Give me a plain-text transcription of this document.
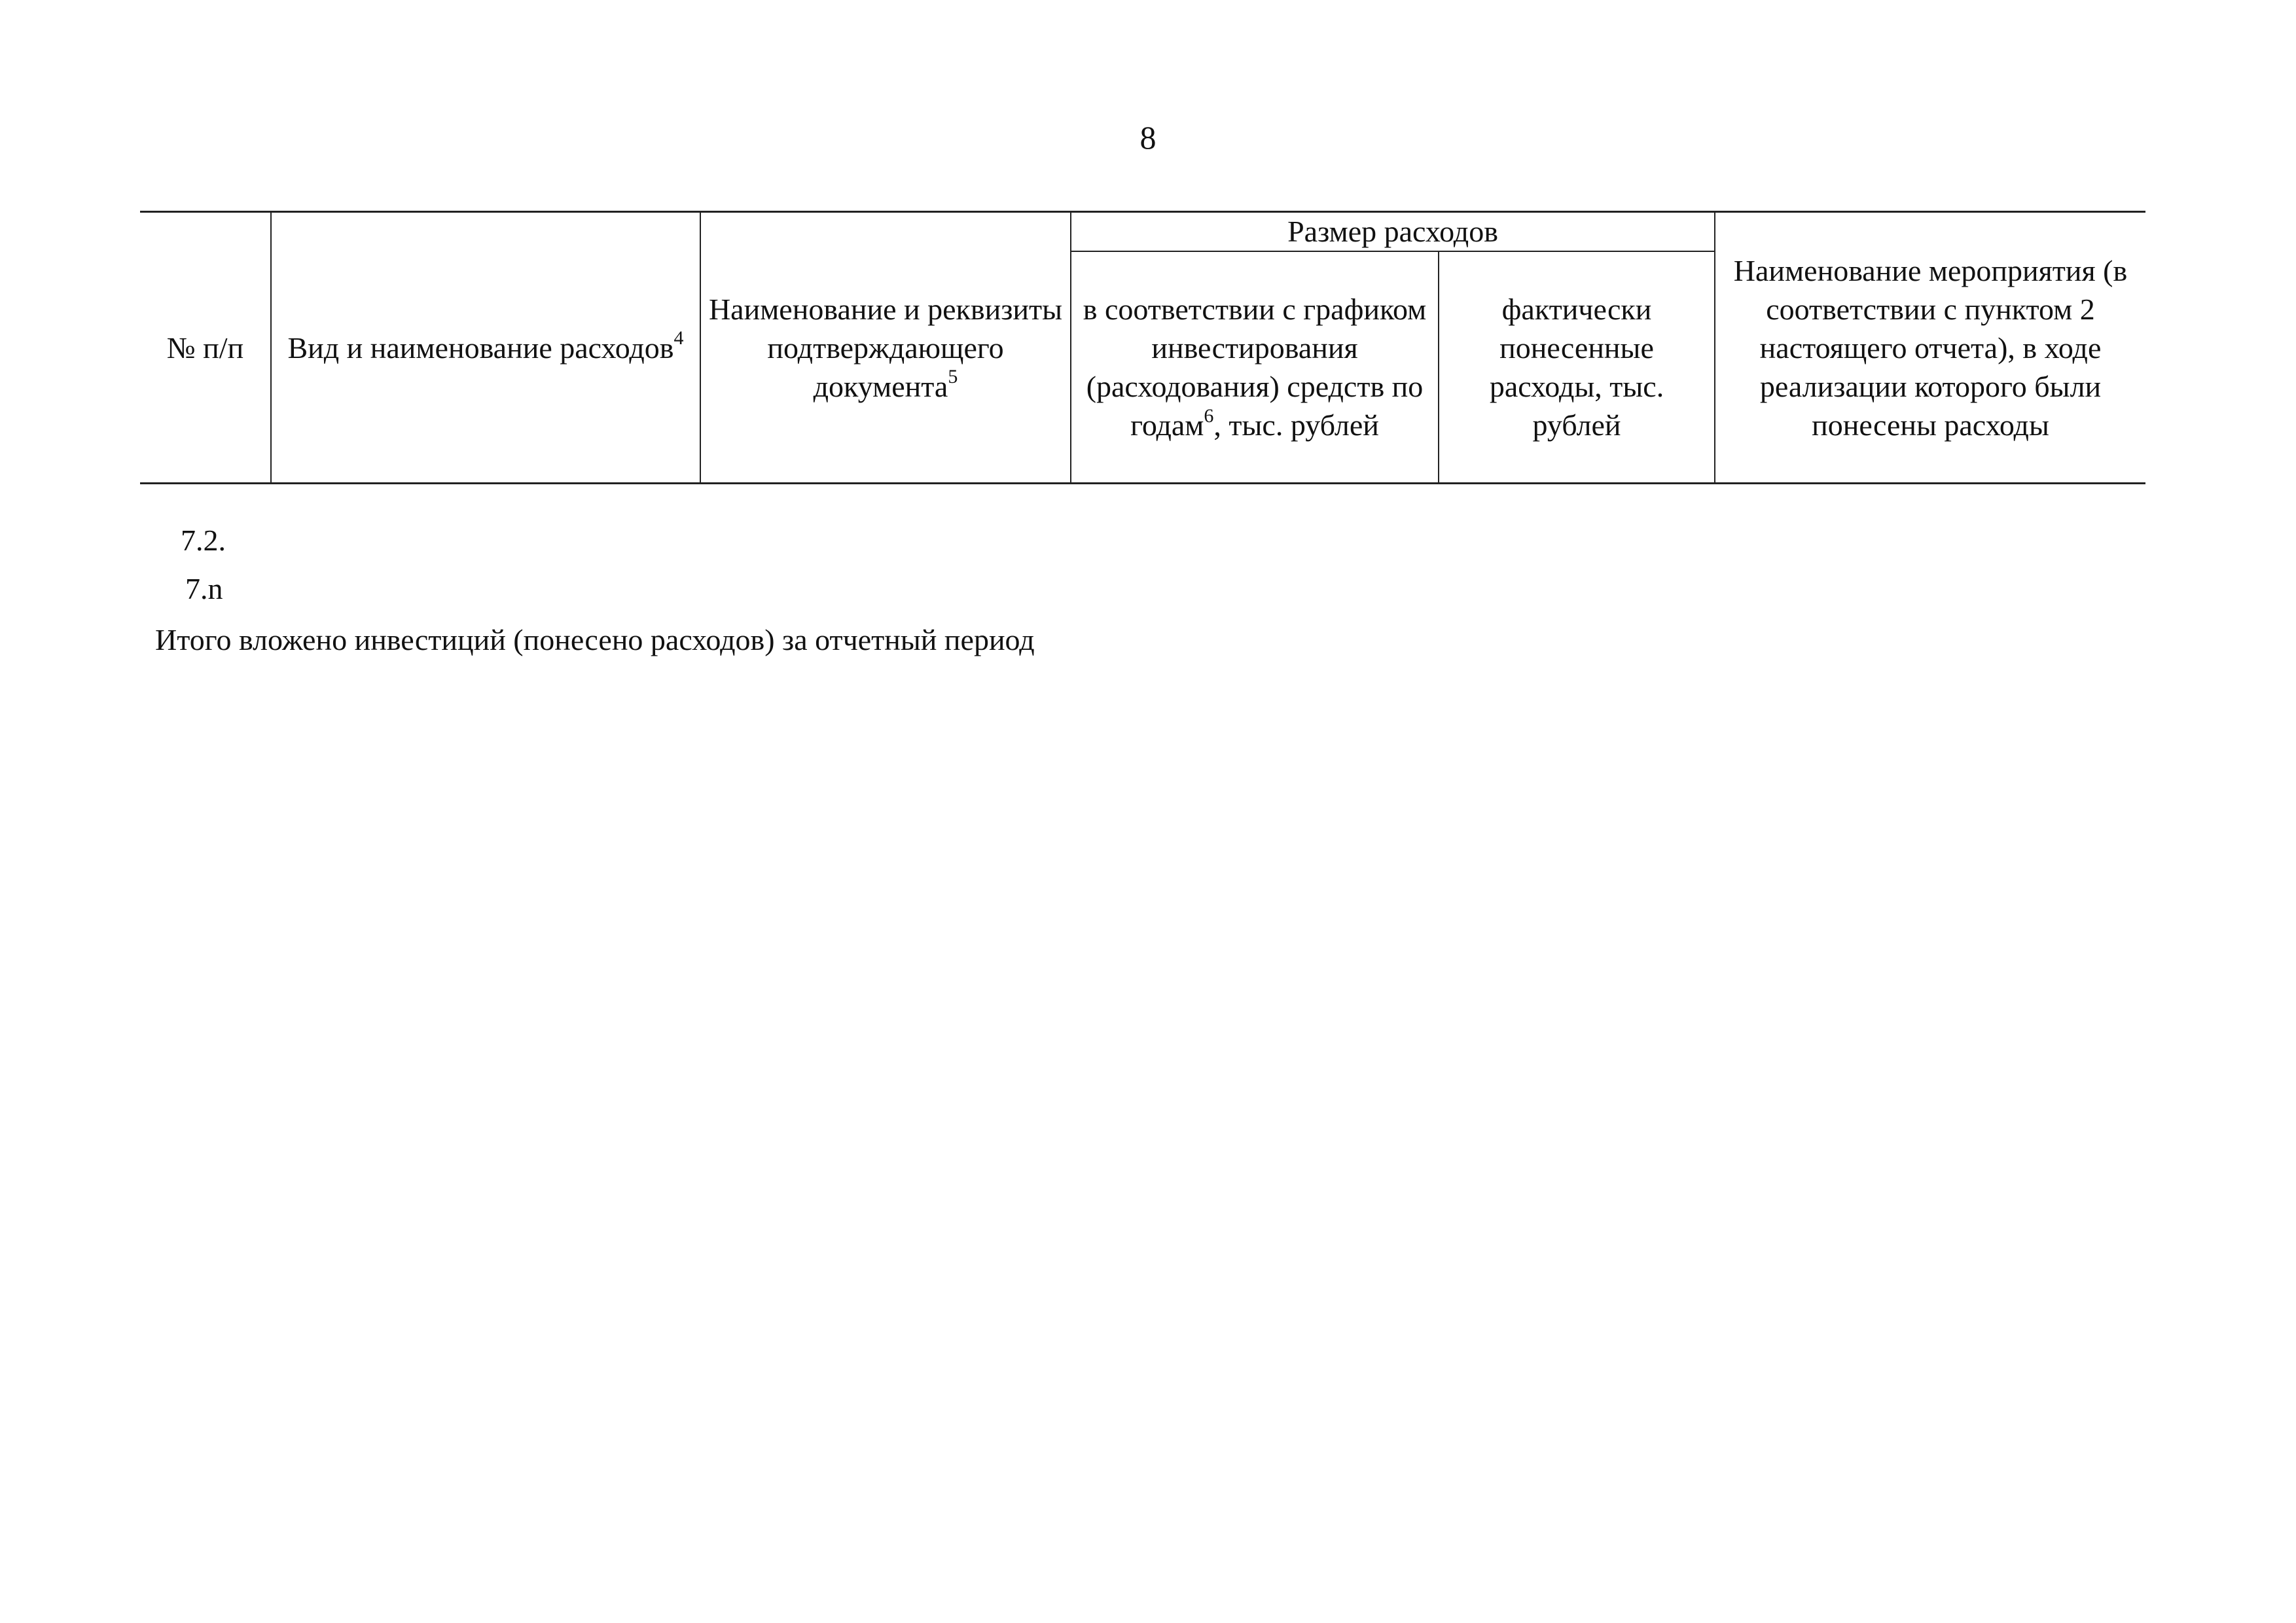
8
№ п/п	Вид и наименование расходов$^4$	Наименование и реквизиты подтверждающего документа$^5$	Размер расходов		Наименование мероприятия (в соответствии с пунктом 2 настоящего отчета), в ходе реализации которого были понесены расходы
			в соответствии с графиком инвестирования (расходования) средств по годам$^6$, тыс. рублей	фактически понесенные расходы, тыс. рублей	
7.2.
7.n
Итого вложено инвестиций (понесено расходов) за отчетный период
